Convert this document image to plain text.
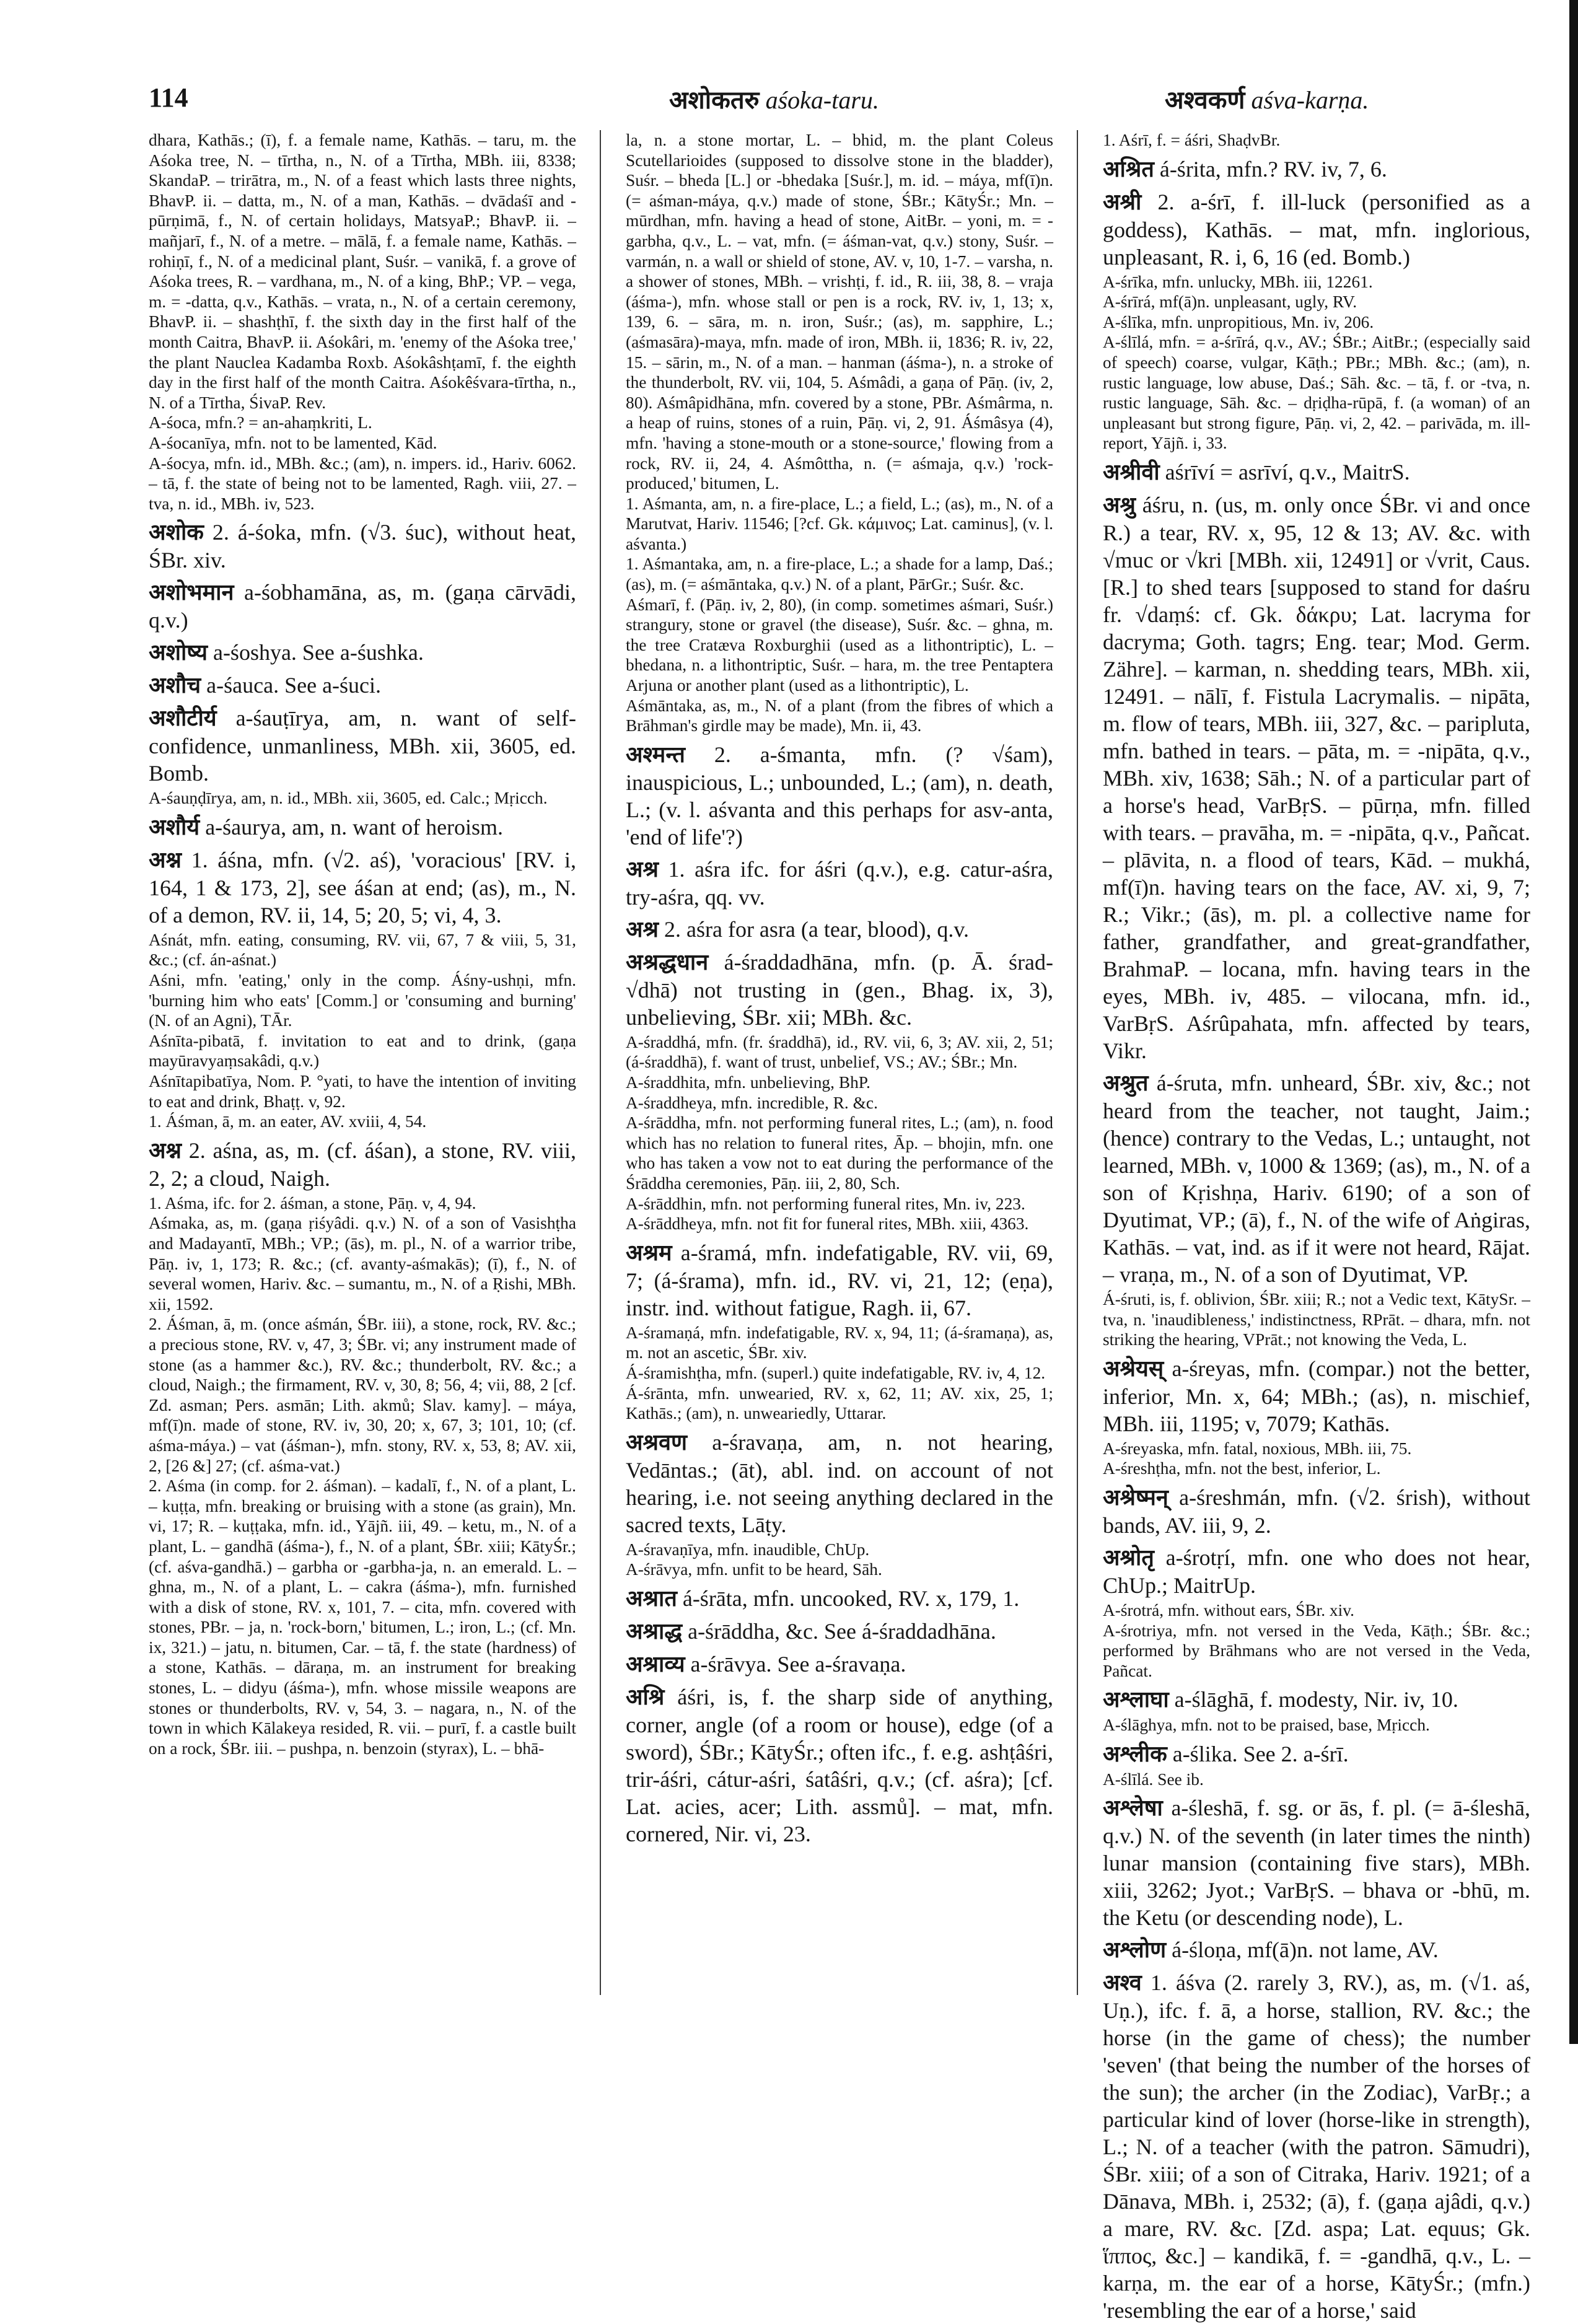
114	अशोकतरु aśoka-taru.	अश्वकर्ण aśva-karṇa.

dhara, Kathās.; (ī), f. a female name, Kathās. – taru, m. the Aśoka tree, N. – tīrtha, n., N. of a Tīrtha, MBh. iii, 8338; SkandaP. – trirātra, m., N. of a feast which lasts three nights, BhavP. ii. – datta, m., N. of a man, Kathās. – dvādaśī and -pūrṇimā, f., N. of certain holidays, MatsyaP.; BhavP. ii. – mañjarī, f., N. of a metre. – mālā, f. a female name, Kathās. – rohiṇī, f., N. of a medicinal plant, Suśr. – vanikā, f. a grove of Aśoka trees, R. – vardhana, m., N. of a king, BhP.; VP. – vega, m. = -datta, q.v., Kathās. – vrata, n., N. of a certain ceremony, BhavP. ii. – shashṭhī, f. the sixth day in the first half of the month Caitra, BhavP. ii. Aśokâri, m. 'enemy of the Aśoka tree,' the plant Nauclea Kadamba Roxb. Aśokâshṭamī, f. the eighth day in the first half of the month Caitra. Aśokêśvara-tīrtha, n., N. of a Tīrtha, ŚivaP. Rev.

A-śoca, mfn.? = an-ahaṃkriti, L.

A-śocanīya, mfn. not to be lamented, Kād.

A-śocya, mfn. id., MBh. &c.; (am), n. impers. id., Hariv. 6062. – tā, f. the state of being not to be lamented, Ragh. viii, 27. – tva, n. id., MBh. iv, 523.

अशोक 2. á-śoka, mfn. (√3. śuc), without heat, ŚBr. xiv.

अशोभमान a-śobhamāna, as, m. (gaṇa cārvādi, q.v.)

अशोष्य a-śoshya. See a-śushka.

अशौच a-śauca. See a-śuci.

अशौटीर्य a-śauṭīrya, am, n. want of self-confidence, unmanliness, MBh. xii, 3605, ed. Bomb.

A-śauṇḍīrya, am, n. id., MBh. xii, 3605, ed. Calc.; Mṛicch.

अशौर्य a-śaurya, am, n. want of heroism.

अश्न 1. áśna, mfn. (√2. aś), 'voracious' [RV. i, 164, 1 & 173, 2], see áśan at end; (as), m., N. of a demon, RV. ii, 14, 5; 20, 5; vi, 4, 3.

Aśnát, mfn. eating, consuming, RV. vii, 67, 7 & viii, 5, 31, &c.; (cf. án-aśnat.)

Aśni, mfn. 'eating,' only in the comp. Áśny-ushṇi, mfn. 'burning him who eats' [Comm.] or 'consuming and burning' (N. of an Agni), TĀr.

Aśnīta-pibatā, f. invitation to eat and to drink, (gaṇa mayūravyaṃsakâdi, q.v.)

Aśnītapibatīya, Nom. P. °yati, to have the intention of inviting to eat and drink, Bhaṭṭ. v, 92.

1. Áśman, ā, m. an eater, AV. xviii, 4, 54.

अश्न 2. aśna, as, m. (cf. áśan), a stone, RV. viii, 2, 2; a cloud, Naigh.

1. Aśma, ifc. for 2. áśman, a stone, Pāṇ. v, 4, 94.

Aśmaka, as, m. (gaṇa ṛiśyâdi. q.v.) N. of a son of Vasishṭha and Madayantī, MBh.; VP.; (ās), m. pl., N. of a warrior tribe, Pāṇ. iv, 1, 173; R. &c.; (cf. avanty-aśmakās); (ī), f., N. of several women, Hariv. &c. – sumantu, m., N. of a Ṛishi, MBh. xii, 1592.

2. Áśman, ā, m. (once aśmán, ŚBr. iii), a stone, rock, RV. &c.; a precious stone, RV. v, 47, 3; ŚBr. vi; any instrument made of stone (as a hammer &c.), RV. &c.; thunderbolt, RV. &c.; a cloud, Naigh.; the firmament, RV. v, 30, 8; 56, 4; vii, 88, 2 [cf. Zd. asman; Pers. asmān; Lith. akmů; Slav. kamy]. – máya, mf(ī)n. made of stone, RV. iv, 30, 20; x, 67, 3; 101, 10; (cf. aśma-máya.) – vat (áśman-), mfn. stony, RV. x, 53, 8; AV. xii, 2, [26 &] 27; (cf. aśma-vat.)

2. Aśma (in comp. for 2. áśman). – kadalī, f., N. of a plant, L. – kuṭṭa, mfn. breaking or bruising with a stone (as grain), Mn. vi, 17; R. – kuṭṭaka, mfn. id., Yājñ. iii, 49. – ketu, m., N. of a plant, L. – gandhā (áśma-), f., N. of a plant, ŚBr. xiii; KātyŚr.; (cf. aśva-gandhā.) – garbha or -garbha-ja, n. an emerald. L. – ghna, m., N. of a plant, L. – cakra (áśma-), mfn. furnished with a disk of stone, RV. x, 101, 7. – cita, mfn. covered with stones, PBr. – ja, n. 'rock-born,' bitumen, L.; iron, L.; (cf. Mn. ix, 321.) – jatu, n. bitumen, Car. – tā, f. the state (hardness) of a stone, Kathās. – dāraṇa, m. an instrument for breaking stones, L. – didyu (áśma-), mfn. whose missile weapons are stones or thunderbolts, RV. v, 54, 3. – nagara, n., N. of the town in which Kālakeya resided, R. vii. – purī, f. a castle built on a rock, ŚBr. iii. – pushpa, n. benzoin (styrax), L. – bhā-

la, n. a stone mortar, L. – bhid, m. the plant Coleus Scutellarioides (supposed to dissolve stone in the bladder), Suśr. – bheda [L.] or -bhedaka [Suśr.], m. id. – máya, mf(ī)n. (= aśman-máya, q.v.) made of stone, ŚBr.; KātyŚr.; Mn. – mūrdhan, mfn. having a head of stone, AitBr. – yoni, m. = -garbha, q.v., L. – vat, mfn. (= áśman-vat, q.v.) stony, Suśr. – varmán, n. a wall or shield of stone, AV. v, 10, 1-7. – varsha, n. a shower of stones, MBh. – vrishṭi, f. id., R. iii, 38, 8. – vraja (áśma-), mfn. whose stall or pen is a rock, RV. iv, 1, 13; x, 139, 6. – sāra, m. n. iron, Suśr.; (as), m. sapphire, L.; (aśmasāra)-maya, mfn. made of iron, MBh. ii, 1836; R. iv, 22, 15. – sārin, m., N. of a man. – hanman (áśma-), n. a stroke of the thunderbolt, RV. vii, 104, 5. Aśmâdi, a gaṇa of Pāṇ. (iv, 2, 80). Aśmâpidhāna, mfn. covered by a stone, PBr. Aśmârma, n. a heap of ruins, stones of a ruin, Pāṇ. vi, 2, 91. Áśmâsya (4), mfn. 'having a stone-mouth or a stone-source,' flowing from a rock, RV. ii, 24, 4. Aśmôttha, n. (= aśmaja, q.v.) 'rock-produced,' bitumen, L.

1. Aśmanta, am, n. a fire-place, L.; a field, L.; (as), m., N. of a Marutvat, Hariv. 11546; [?cf. Gk. κάμινος; Lat. caminus], (v. l. aśvanta.)

1. Aśmantaka, am, n. a fire-place, L.; a shade for a lamp, Daś.; (as), m. (= aśmāntaka, q.v.) N. of a plant, PārGr.; Suśr. &c.

Aśmarī, f. (Pāṇ. iv, 2, 80), (in comp. sometimes aśmari, Suśr.) strangury, stone or gravel (the disease), Suśr. &c. – ghna, m. the tree Cratæva Roxburghii (used as a lithontriptic), L. – bhedana, n. a lithontriptic, Suśr. – hara, m. the tree Pentaptera Arjuna or another plant (used as a lithontriptic), L.

Aśmāntaka, as, m., N. of a plant (from the fibres of which a Brāhman's girdle may be made), Mn. ii, 43.

अश्मन्त 2. a-śmanta, mfn. (? √śam), inauspicious, L.; unbounded, L.; (am), n. death, L.; (v. l. aśvanta and this perhaps for asv-anta, 'end of life'?)

अश्र 1. aśra ifc. for áśri (q.v.), e.g. catur-aśra, try-aśra, qq. vv.

अश्र 2. aśra for asra (a tear, blood), q.v.

अश्रद्धधान á-śraddadhāna, mfn. (p. Ā. śrad-√dhā) not trusting in (gen., Bhag. ix, 3), unbelieving, ŚBr. xii; MBh. &c.

A-śraddhá, mfn. (fr. śraddhā), id., RV. vii, 6, 3; AV. xii, 2, 51; (á-śraddhā), f. want of trust, unbelief, VS.; AV.; ŚBr.; Mn.

A-śraddhita, mfn. unbelieving, BhP.

A-śraddheya, mfn. incredible, R. &c.

A-śrāddha, mfn. not performing funeral rites, L.; (am), n. food which has no relation to funeral rites, Āp. – bhojin, mfn. one who has taken a vow not to eat during the performance of the Śrāddha ceremonies, Pāṇ. iii, 2, 80, Sch.

A-śrāddhin, mfn. not performing funeral rites, Mn. iv, 223.

A-śrāddheya, mfn. not fit for funeral rites, MBh. xiii, 4363.

अश्रम a-śramá, mfn. indefatigable, RV. vii, 69, 7; (á-śrama), mfn. id., RV. vi, 21, 12; (eṇa), instr. ind. without fatigue, Ragh. ii, 67.

A-śramaṇá, mfn. indefatigable, RV. x, 94, 11; (á-śramaṇa), as, m. not an ascetic, ŚBr. xiv.

Á-śramishṭha, mfn. (superl.) quite indefatigable, RV. iv, 4, 12.

Á-śrānta, mfn. unwearied, RV. x, 62, 11; AV. xix, 25, 1; Kathās.; (am), n. unweariedly, Uttarar.

अश्रवण a-śravaṇa, am, n. not hearing, Vedāntas.; (āt), abl. ind. on account of not hearing, i.e. not seeing anything declared in the sacred texts, Lāṭy.

A-śravaṇīya, mfn. inaudible, ChUp.

A-śrāvya, mfn. unfit to be heard, Sāh.

अश्रात á-śrāta, mfn. uncooked, RV. x, 179, 1.

अश्राद्ध a-śrāddha, &c. See á-śraddadhāna.

अश्राव्य a-śrāvya. See a-śravaṇa.

अश्रि áśri, is, f. the sharp side of anything, corner, angle (of a room or house), edge (of a sword), ŚBr.; KātyŚr.; often ifc., f. e.g. ashṭâśri, trir-áśri, cátur-aśri, śatâśri, q.v.; (cf. aśra); [cf. Lat. acies, acer; Lith. assmů]. – mat, mfn. cornered, Nir. vi, 23.

1. Aśrī, f. = áśri, ShaḍvBr.

अश्रित á-śrita, mfn.? RV. iv, 7, 6.

अश्री 2. a-śrī, f. ill-luck (personified as a goddess), Kathās. – mat, mfn. inglorious, unpleasant, R. i, 6, 16 (ed. Bomb.)

A-śrīka, mfn. unlucky, MBh. iii, 12261.

A-śrīrá, mf(ā)n. unpleasant, ugly, RV.

A-ślīka, mfn. unpropitious, Mn. iv, 206.

A-ślīlá, mfn. = a-śrīrá, q.v., AV.; ŚBr.; AitBr.; (especially said of speech) coarse, vulgar, Kāṭh.; PBr.; MBh. &c.; (am), n. rustic language, low abuse, Daś.; Sāh. &c. – tā, f. or -tva, n. rustic language, Sāh. &c. – dṛiḍha-rūpā, f. (a woman) of an unpleasant but strong figure, Pāṇ. vi, 2, 42. – parivāda, m. ill-report, Yājñ. i, 33.

अश्रीवी aśrīví = asrīví, q.v., MaitrS.

अश्रु áśru, n. (us, m. only once ŚBr. vi and once R.) a tear, RV. x, 95, 12 & 13; AV. &c. with √muc or √kri [MBh. xii, 12491] or √vrit, Caus. [R.] to shed tears [supposed to stand for daśru fr. √daṃś: cf. Gk. δάκρυ; Lat. lacryma for dacryma; Goth. tagrs; Eng. tear; Mod. Germ. Zähre]. – karman, n. shedding tears, MBh. xii, 12491. – nālī, f. Fistula Lacrymalis. – nipāta, m. flow of tears, MBh. iii, 327, &c. – paripluta, mfn. bathed in tears. – pāta, m. = -nipāta, q.v., MBh. xiv, 1638; Sāh.; N. of a particular part of a horse's head, VarBṛS. – pūrṇa, mfn. filled with tears. – pravāha, m. = -nipāta, q.v., Pañcat. – plāvita, n. a flood of tears, Kād. – mukhá, mf(ī)n. having tears on the face, AV. xi, 9, 7; R.; Vikr.; (ās), m. pl. a collective name for father, grandfather, and great-grandfather, BrahmaP. – locana, mfn. having tears in the eyes, MBh. iv, 485. – vilocana, mfn. id., VarBṛS. Aśrûpahata, mfn. affected by tears, Vikr.

अश्रुत á-śruta, mfn. unheard, ŚBr. xiv, &c.; not heard from the teacher, not taught, Jaim.; (hence) contrary to the Vedas, L.; untaught, not learned, MBh. v, 1000 & 1369; (as), m., N. of a son of Kṛishṇa, Hariv. 6190; of a son of Dyutimat, VP.; (ā), f., N. of the wife of Aṅgiras, Kathās. – vat, ind. as if it were not heard, Rājat. – vraṇa, m., N. of a son of Dyutimat, VP.

Á-śruti, is, f. oblivion, ŚBr. xiii; R.; not a Vedic text, KātySr. – tva, n. 'inaudibleness,' indistinctness, RPrāt. – dhara, mfn. not striking the hearing, VPrāt.; not knowing the Veda, L.

अश्रेयस् a-śreyas, mfn. (compar.) not the better, inferior, Mn. x, 64; MBh.; (as), n. mischief, MBh. iii, 1195; v, 7079; Kathās.

A-śreyaska, mfn. fatal, noxious, MBh. iii, 75.

A-śreshṭha, mfn. not the best, inferior, L.

अश्रेष्मन् a-śreshmán, mfn. (√2. śrish), without bands, AV. iii, 9, 2.

अश्रोतृ a-śrotṛí, mfn. one who does not hear, ChUp.; MaitrUp.

A-śrotrá, mfn. without ears, ŚBr. xiv.

A-śrotriya, mfn. not versed in the Veda, Kāṭh.; ŚBr. &c.; performed by Brāhmans who are not versed in the Veda, Pañcat.

अश्लाघा a-ślāghā, f. modesty, Nir. iv, 10.

A-ślāghya, mfn. not to be praised, base, Mṛicch.

अश्लीक a-ślika. See 2. a-śrī.

A-ślīlá. See ib.

अश्लेषा a-śleshā, f. sg. or ās, f. pl. (= ā-śleshā, q.v.) N. of the seventh (in later times the ninth) lunar mansion (containing five stars), MBh. xiii, 3262; Jyot.; VarBṛS. – bhava or -bhū, m. the Ketu (or descending node), L.

अश्लोण á-śloṇa, mf(ā)n. not lame, AV.

अश्व 1. áśva (2. rarely 3, RV.), as, m. (√1. aś, Uṇ.), ifc. f. ā, a horse, stallion, RV. &c.; the horse (in the game of chess); the number 'seven' (that being the number of the horses of the sun); the archer (in the Zodiac), VarBṛ.; a particular kind of lover (horse-like in strength), L.; N. of a teacher (with the patron. Sāmudri), ŚBr. xiii; of a son of Citraka, Hariv. 1921; of a Dānava, MBh. i, 2532; (ā), f. (gaṇa ajâdi, q.v.) a mare, RV. &c. [Zd. aspa; Lat. equus; Gk. ἵππος, &c.] – kandikā, f. = -gandhā, q.v., L. – karṇa, m. the ear of a horse, KātyŚr.; (mfn.) 'resembling the ear of a horse,' said
